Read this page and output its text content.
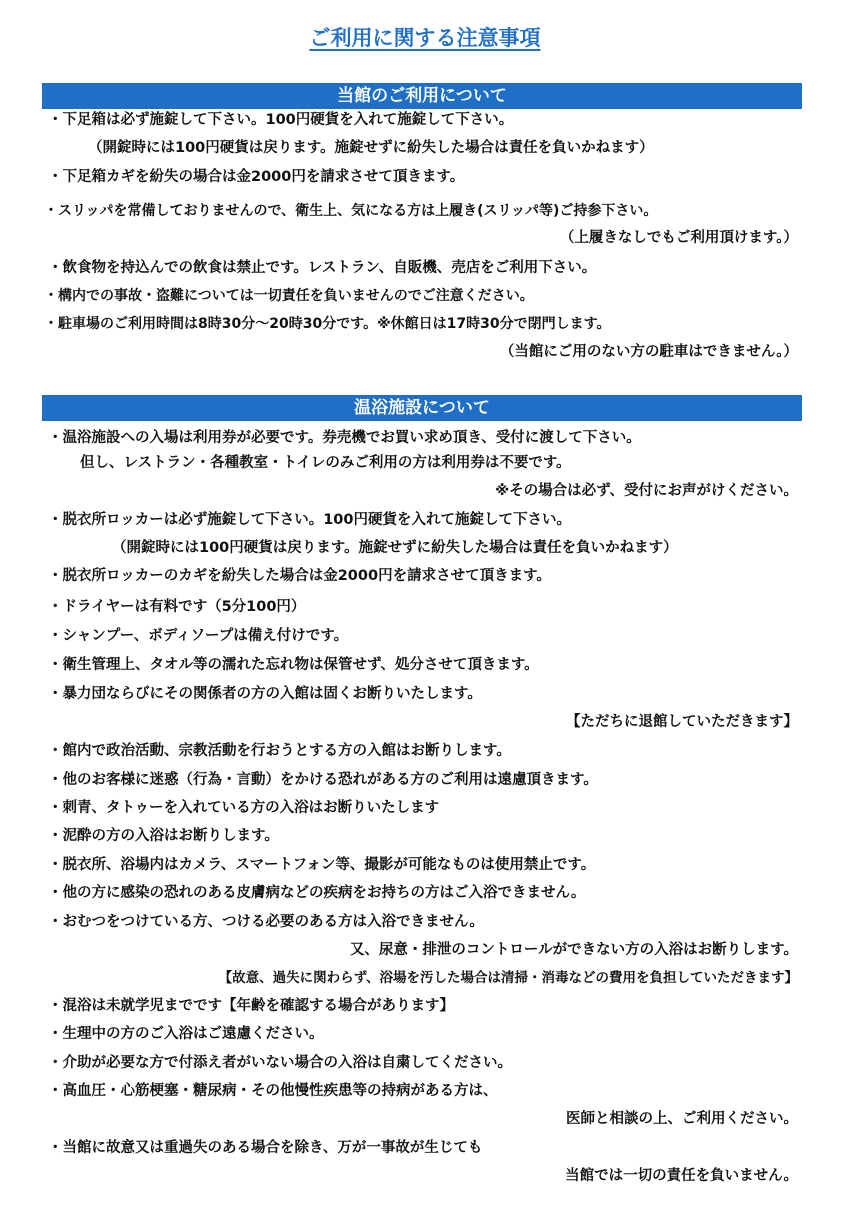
ご利用に関する注意事項
当館のご利用について
・下足箱は必ず施錠して下さい。100円硬貨を入れて施錠して下さい。
（開錠時には100円硬貨は戻ります。施錠せずに紛失した場合は責任を負いかねます）
・下足箱カギを紛失の場合は金2000円を請求させて頂きます。
・スリッパを常備しておりませんので、衛生上、気になる方は上履き(スリッパ等)ご持参下さい。
（上履きなしでもご利用頂けます。）
・飲食物を持込んでの飲食は禁止です。レストラン、自販機、売店をご利用下さい。
・構内での事故・盗難については一切責任を負いませんのでご注意ください。
・駐車場のご利用時間は8時30分～20時30分です。※休館日は17時30分で閉門します。
（当館にご用のない方の駐車はできません。）
温浴施設について
・温浴施設への入場は利用券が必要です。券売機でお買い求め頂き、受付に渡して下さい。
但し、レストラン・各種教室・トイレのみご利用の方は利用券は不要です。
※その場合は必ず、受付にお声がけください。
・脱衣所ロッカーは必ず施錠して下さい。100円硬貨を入れて施錠して下さい。
（開錠時には100円硬貨は戻ります。施錠せずに紛失した場合は責任を負いかねます）
・脱衣所ロッカーのカギを紛失した場合は金2000円を請求させて頂きます。
・ドライヤーは有料です（5分100円）
・シャンプー、ボディソープは備え付けです。
・衛生管理上、タオル等の濡れた忘れ物は保管せず、処分させて頂きます。
・暴力団ならびにその関係者の方の入館は固くお断りいたします。
【ただちに退館していただきます】
・館内で政治活動、宗教活動を行おうとする方の入館はお断りします。
・他のお客様に迷惑（行為・言動）をかける恐れがある方のご利用は遠慮頂きます。
・刺青、タトゥーを入れている方の入浴はお断りいたします
・泥酔の方の入浴はお断りします。
・脱衣所、浴場内はカメラ、スマートフォン等、撮影が可能なものは使用禁止です。
・他の方に感染の恐れのある皮膚病などの疾病をお持ちの方はご入浴できません。
・おむつをつけている方、つける必要のある方は入浴できません。
又、尿意・排泄のコントロールができない方の入浴はお断りします。
【故意、過失に関わらず、浴場を汚した場合は清掃・消毒などの費用を負担していただきます】
・混浴は未就学児までです【年齢を確認する場合があります】
・生理中の方のご入浴はご遠慮ください。
・介助が必要な方で付添え者がいない場合の入浴は自粛してください。
・高血圧・心筋梗塞・糖尿病・その他慢性疾患等の持病がある方は、
医師と相談の上、ご利用ください。
・当館に故意又は重過失のある場合を除き、万が一事故が生じても
当館では一切の責任を負いません。
